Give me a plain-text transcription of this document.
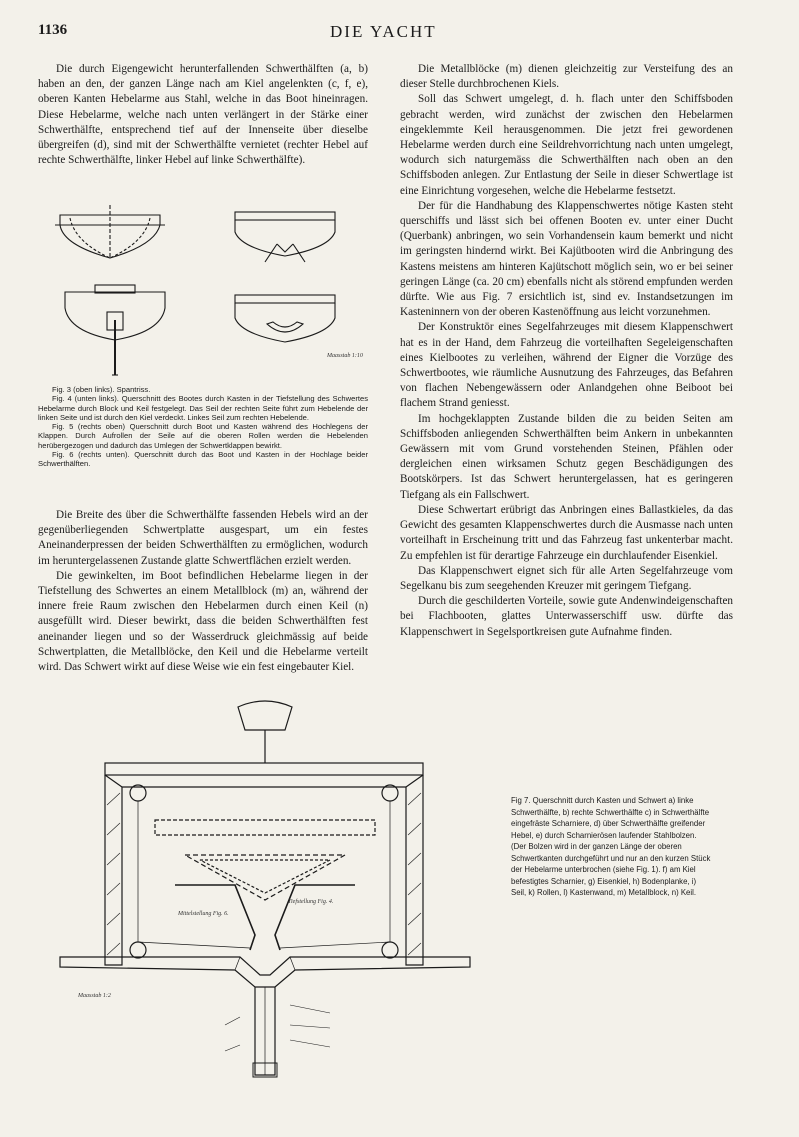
1136	DIE YACHT

Die durch Eigengewicht herunterfallenden Schwerthälften (a, b) haben an den, der ganzen Länge nach am Kiel angelenkten (c, f, e), oberen Kanten Hebelarme aus Stahl, welche in das Boot hineinragen. Diese Hebelarme, welche nach unten verlängert in der Stärke einer Schwerthälfte, entsprechend tief auf der Innenseite über dieselbe übergreifen (d), sind mit der Schwerthälfte vernietet (rechter Hebel auf rechte Schwerthälfte, linker Hebel auf linke Schwerthälfte).

Maasstab 1:10

Fig. 3 (oben links). Spantriss.

Fig. 4 (unten links). Querschnitt des Bootes durch Kasten in der Tiefstellung des Schwertes Hebelarme durch Block und Keil festgelegt. Das Seil der rechten Seite führt zum Hebelende der linken Seite und ist durch den Kiel verdeckt. Linkes Seil zum rechten Hebelende.

Fig. 5 (rechts oben) Querschnitt durch Boot und Kasten während des Hochlegens der Klappen. Durch Aufrollen der Seile auf die oberen Rollen werden die Hebelenden herübergezogen und dadurch das Umlegen der Schwertklappen bewirkt.

Fig. 6 (rechts unten). Querschnitt durch das Boot und Kasten in der Hochlage beider Schwerthälften.

Die Breite des über die Schwerthälfte fassenden Hebels wird an der gegenüberliegenden Schwertplatte ausgespart, um ein festes Aneinanderpressen der beiden Schwerthälften zu ermöglichen, wodurch im heruntergelassenen Zustande glatte Schwertflächen erzielt werden.

Die gewinkelten, im Boot befindlichen Hebelarme liegen in der Tiefstellung des Schwertes an einem Metallblock (m) an, während der innere freie Raum zwischen den Hebelarmen durch einen Keil (n) ausgefüllt wird. Dieser bewirkt, dass die beiden Schwerthälften fest aneinander liegen und so der Wasserdruck gleichmässig auf beide Schwertplatten, die Metallblöcke, den Keil und die Hebelarme verteilt wird. Das Schwert wirkt auf diese Weise wie ein fest eingebauter Kiel.

Die Metallblöcke (m) dienen gleichzeitig zur Versteifung des an dieser Stelle durchbrochenen Kiels.

Soll das Schwert umgelegt, d. h. flach unter den Schiffsboden gebracht werden, wird zunächst der zwischen den Hebelarmen eingeklemmte Keil herausgenommen. Die jetzt frei gewordenen Hebelarme werden durch eine Seildrehvorrichtung nach unten umgelegt, wodurch sich naturgemäss die Schwerthälften nach oben an den Schiffsboden anlegen. Zur Entlastung der Seile in dieser Schwertlage ist eine Einrichtung vorgesehen, welche die Hebelarme festsetzt.

Der für die Handhabung des Klappenschwertes nötige Kasten steht querschiffs und lässt sich bei offenen Booten ev. unter einer Ducht (Querbank) anbringen, wo sein Vorhandensein kaum bemerkt und nicht im geringsten hindernd wirkt. Bei Kajütbooten wird die Anbringung des Kastens meistens am hinteren Kajütschott möglich sein, wo er bei seiner geringen Länge (ca. 20 cm) ebenfalls nicht als störend empfunden werden dürfte. Wie aus Fig. 7 ersichtlich ist, sind ev. Instandsetzungen im Kasteninnern von der oberen Kastenöffnung aus leicht vorzunehmen.

Der Konstruktör eines Segelfahrzeuges mit diesem Klappenschwert hat es in der Hand, dem Fahrzeug die vorteilhaften Segeleigenschaften eines Kielbootes zu verleihen, während der Eigner die Vorzüge des Schwertbootes, wie räumliche Ausnutzung des Fahrzeuges, das Befahren von flachen Nebengewässern oder Anlandgehen ohne Beiboot bei flachem Strand geniesst.

Im hochgeklappten Zustande bilden die zu beiden Seiten am Schiffsboden anliegenden Schwerthälften beim Ankern in unbekannten Gewässern mit vom Grund vorstehenden Steinen, Pfählen oder dergleichen einen wirksamen Schutz gegen Beschädigungen des Bootskörpers. Ist das Schwert heruntergelassen, hat es geringeren Tiefgang als ein Fallschwert.

Diese Schwertart erübrigt das Anbringen eines Ballastkieles, da das Gewicht des gesamten Klappenschwertes durch die Ausmasse nach unten vorteilhaft in Erscheinung tritt und das Fahrzeug fast unkenterbar macht. Zu empfehlen ist für derartige Fahrzeuge ein durchlaufender Eisenkiel.

Das Klappenschwert eignet sich für alle Arten Segelfahrzeuge vom Segelkanu bis zum seegehenden Kreuzer mit geringem Tiefgang.

Durch die geschilderten Vorteile, sowie gute Andenwindeigenschaften bei Flachbooten, glattes Unterwasserschiff usw. dürfte das Klappenschwert in Segelsportkreisen gute Aufnahme finden.

Mittelstellung Fig. 6.
Tiefstellung Fig. 4.
Maasstab 1:2
Fig 7. Querschnitt durch Kasten und Schwert a) linke Schwerthälfte, b) rechte Schwerthälfte c) in Schwerthälfte eingefräste Scharniere, d) über Schwerthälfte greifender Hebel, e) durch Scharnierösen laufender Stahlbolzen. (Der Bolzen wird in der ganzen Länge der oberen Schwertkanten durchgeführt und nur an den kurzen Stück der Hebelarme unterbrochen (siehe Fig. 1). f) am Kiel befestigtes Scharnier, g) Eisenkiel, h) Bodenplanke, i) Seil, k) Rollen, l) Kastenwand, m) Metallblock, n) Keil.
